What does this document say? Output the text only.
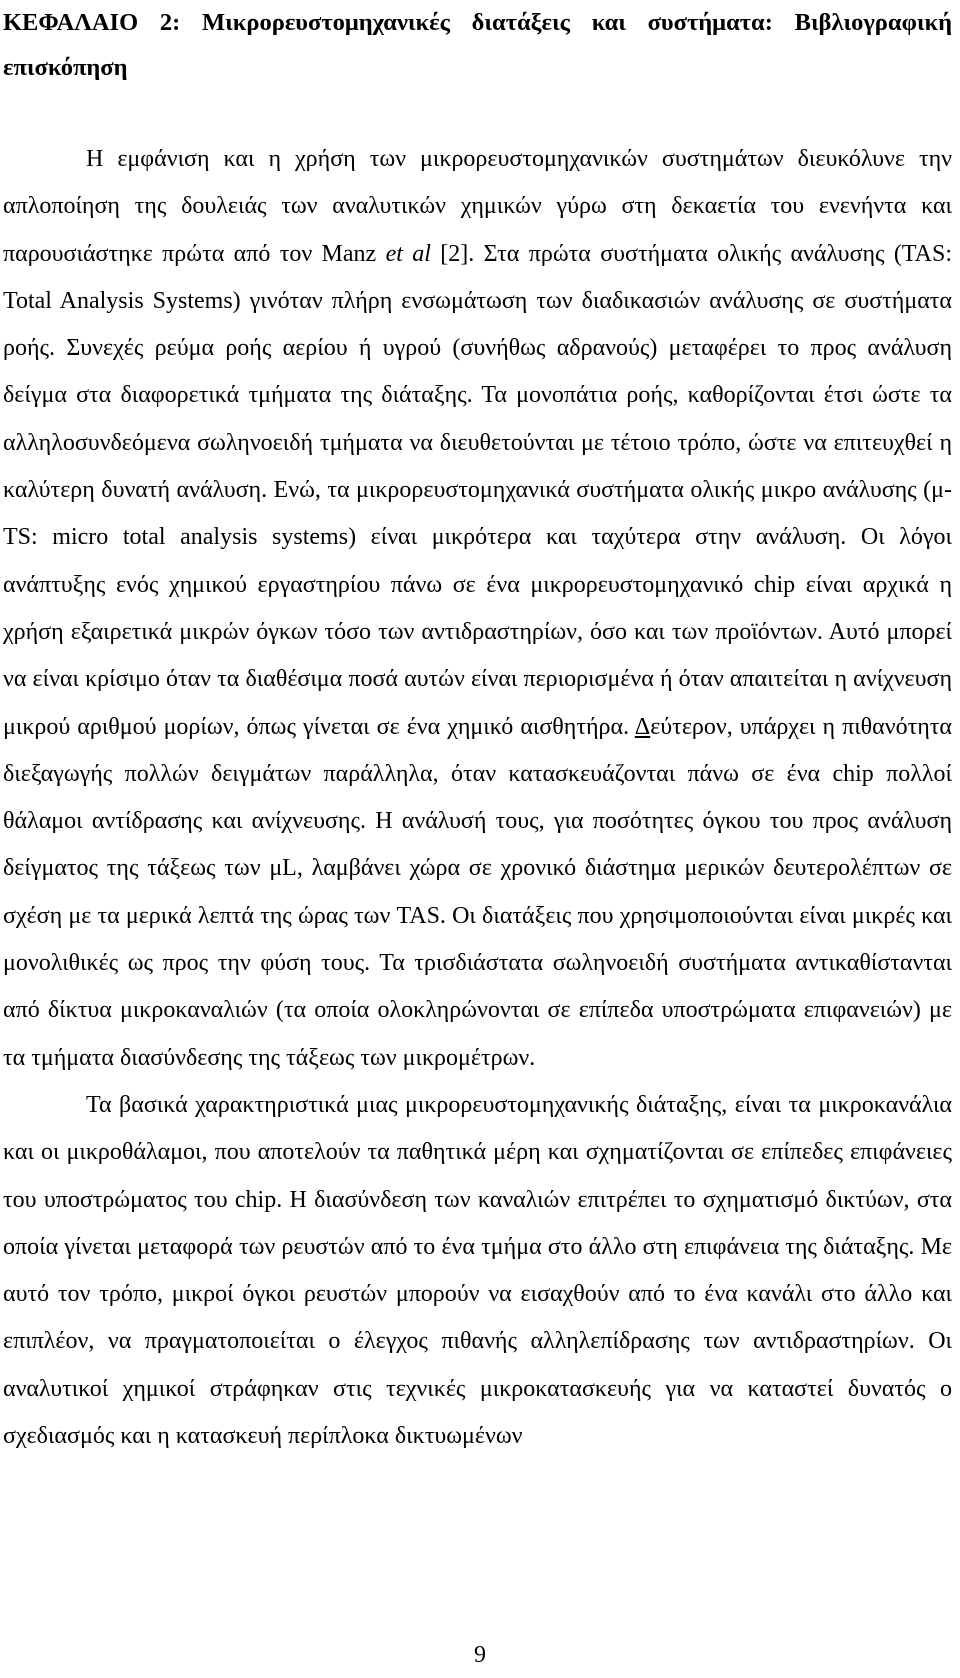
ΚΕΦΑΛΑΙΟ 2: Μικρορευστομηχανικές διατάξεις και συστήματα: Βιβλιογραφική επισκόπηση

Η εμφάνιση και η χρήση των μικρορευστομηχανικών συστημάτων διευκόλυνε την απλοποίηση της δουλειάς των αναλυτικών χημικών γύρω στη δεκαετία του ενενήντα και παρουσιάστηκε πρώτα από τον Manz et al [2]. Στα πρώτα συστήματα ολικής ανάλυσης (TAS: Total Analysis Systems) γινόταν πλήρη ενσωμάτωση των διαδικασιών ανάλυσης σε συστήματα ροής. Συνεχές ρεύμα ροής αερίου ή υγρού (συνήθως αδρανούς) μεταφέρει το προς ανάλυση δείγμα στα διαφορετικά τμήματα της διάταξης. Τα μονοπάτια ροής, καθορίζονται έτσι ώστε τα αλληλοσυνδεόμενα σωληνοειδή τμήματα να διευθετούνται με τέτοιο τρόπο, ώστε να επιτευχθεί η καλύτερη δυνατή ανάλυση. Ενώ, τα μικρορευστομηχανικά συστήματα ολικής μικρο ανάλυσης (μ-TS: micro total analysis systems) είναι μικρότερα και ταχύτερα στην ανάλυση. Οι λόγοι ανάπτυξης ενός χημικού εργαστηρίου πάνω σε ένα μικρορευστομηχανικό chip είναι αρχικά η χρήση εξαιρετικά μικρών όγκων τόσο των αντιδραστηρίων, όσο και των προϊόντων. Αυτό μπορεί να είναι κρίσιμο όταν τα διαθέσιμα ποσά αυτών είναι περιορισμένα ή όταν απαιτείται η ανίχνευση μικρού αριθμού μορίων, όπως γίνεται σε ένα χημικό αισθητήρα. Δεύτερον, υπάρχει η πιθανότητα διεξαγωγής πολλών δειγμάτων παράλληλα, όταν κατασκευάζονται πάνω σε ένα chip πολλοί θάλαμοι αντίδρασης και ανίχνευσης. Η ανάλυσή τους, για ποσότητες όγκου του προς ανάλυση δείγματος της τάξεως των μL, λαμβάνει χώρα σε χρονικό διάστημα μερικών δευτερολέπτων σε σχέση με τα μερικά λεπτά της ώρας των TAS. Οι διατάξεις που χρησιμοποιούνται είναι μικρές και μονολιθικές ως προς την φύση τους. Τα τρισδιάστατα σωληνοειδή συστήματα αντικαθίστανται από δίκτυα μικροκαναλιών (τα οποία ολοκληρώνονται σε επίπεδα υποστρώματα επιφανειών) με τα τμήματα διασύνδεσης της τάξεως των μικρομέτρων.

Τα βασικά χαρακτηριστικά μιας μικρορευστομηχανικής διάταξης, είναι τα μικροκανάλια και οι μικροθάλαμοι, που αποτελούν τα παθητικά μέρη και σχηματίζονται σε επίπεδες επιφάνειες του υποστρώματος του chip. Η διασύνδεση των καναλιών επιτρέπει το σχηματισμό δικτύων, στα οποία γίνεται μεταφορά των ρευστών από το ένα τμήμα στο άλλο στη επιφάνεια της διάταξης. Με αυτό τον τρόπο, μικροί όγκοι ρευστών μπορούν να εισαχθούν από το ένα κανάλι στο άλλο και επιπλέον, να πραγματοποιείται ο έλεγχος πιθανής αλληλεπίδρασης των αντιδραστηρίων. Οι αναλυτικοί χημικοί στράφηκαν στις τεχνικές μικροκατασκευής για να καταστεί δυνατός ο σχεδιασμός και η κατασκευή περίπλοκα δικτυωμένων

9
